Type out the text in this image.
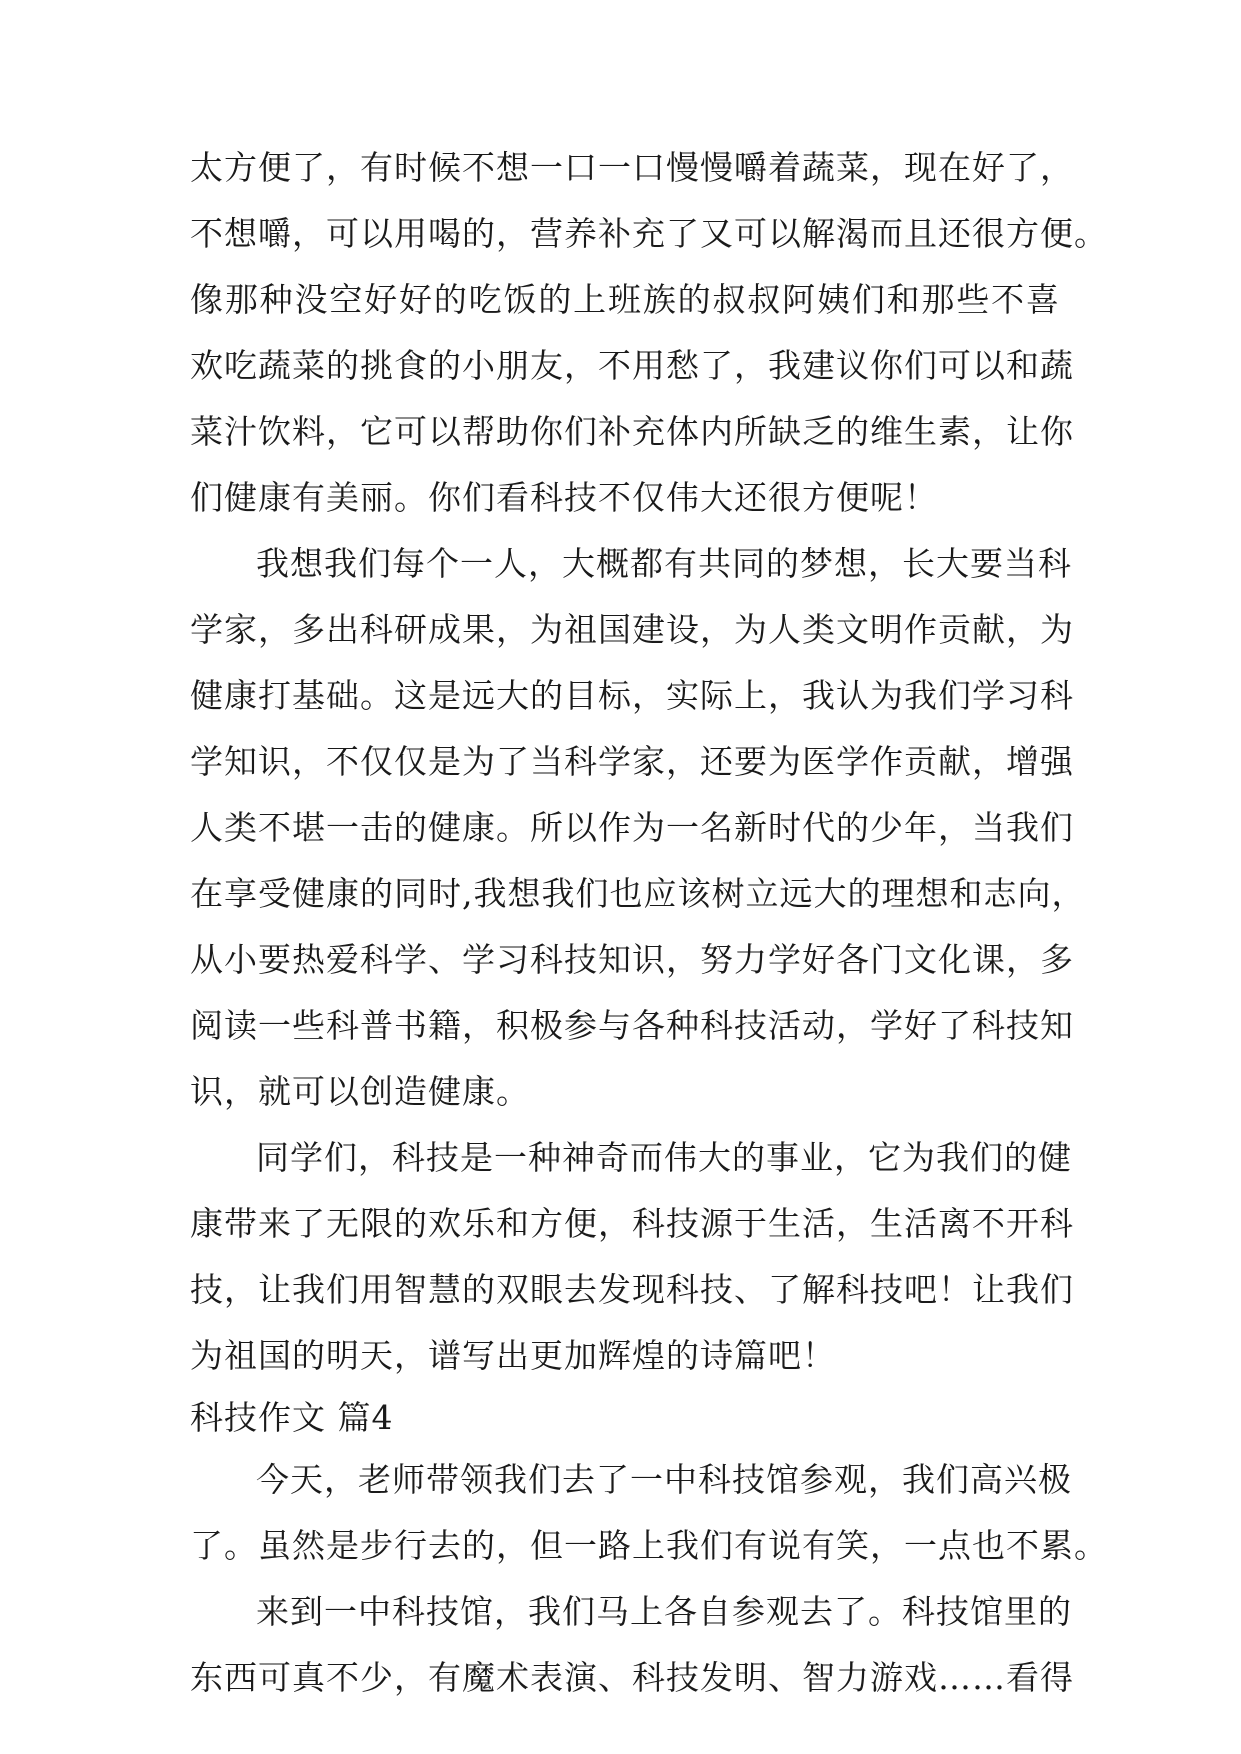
太方便了，有时候不想一口一口慢慢嚼着蔬菜，现在好了，
不想嚼，可以用喝的，营养补充了又可以解渴而且还很方便。
像那种没空好好的吃饭的上班族的叔叔阿姨们和那些不喜
欢吃蔬菜的挑食的小朋友，不用愁了，我建议你们可以和蔬
菜汁饮料，它可以帮助你们补充体内所缺乏的维生素，让你
们健康有美丽。你们看科技不仅伟大还很方便呢！
我想我们每个一人，大概都有共同的梦想，长大要当科
学家，多出科研成果，为祖国建设，为人类文明作贡献，为
健康打基础。这是远大的目标，实际上，我认为我们学习科
学知识，不仅仅是为了当科学家，还要为医学作贡献，增强
人类不堪一击的健康。所以作为一名新时代的少年，当我们
在享受健康的同时,我想我们也应该树立远大的理想和志向，
从小要热爱科学、学习科技知识，努力学好各门文化课，多
阅读一些科普书籍，积极参与各种科技活动，学好了科技知
识，就可以创造健康。
同学们，科技是一种神奇而伟大的事业，它为我们的健
康带来了无限的欢乐和方便，科技源于生活，生活离不开科
技，让我们用智慧的双眼去发现科技、了解科技吧！让我们
为祖国的明天，谱写出更加辉煌的诗篇吧！
科技作文 篇4
今天，老师带领我们去了一中科技馆参观，我们高兴极
了。虽然是步行去的，但一路上我们有说有笑，一点也不累。
来到一中科技馆，我们马上各自参观去了。科技馆里的
东西可真不少，有魔术表演、科技发明、智力游戏……看得
